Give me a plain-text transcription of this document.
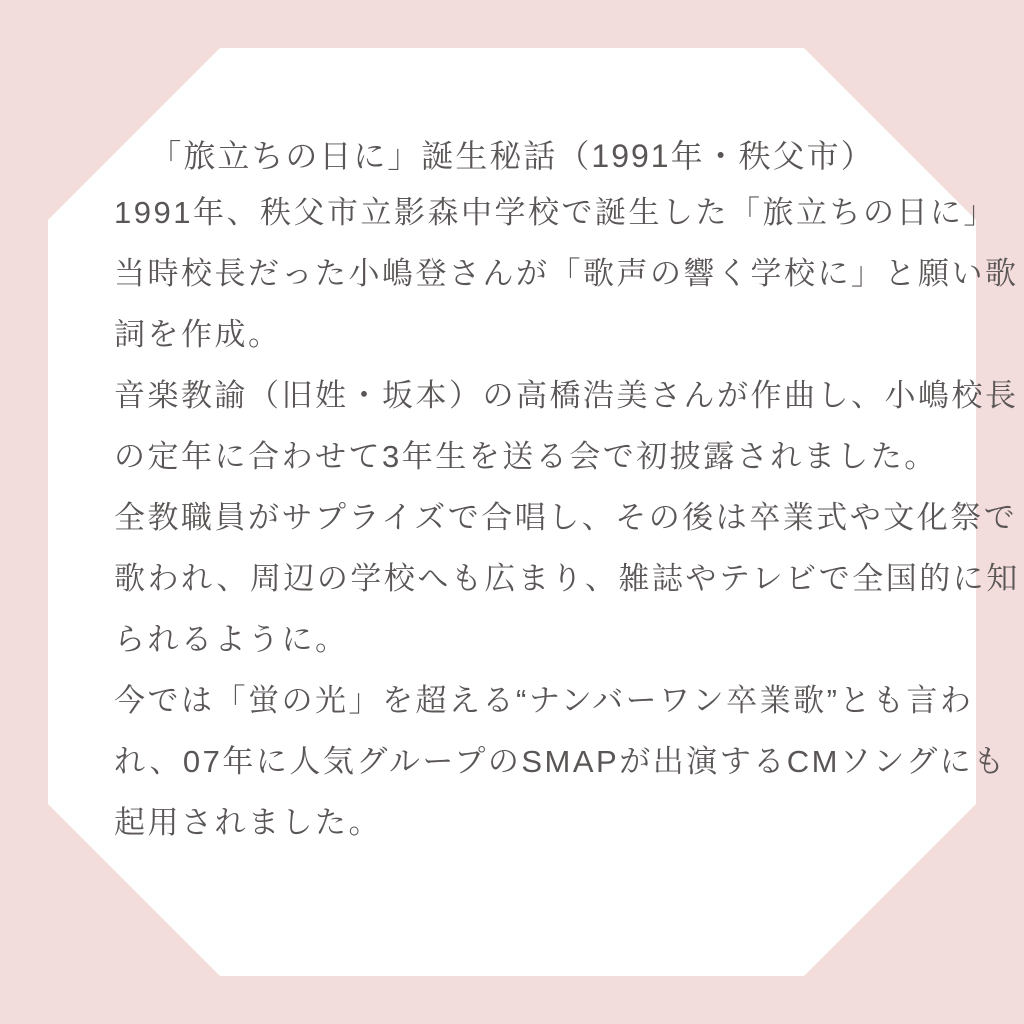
「旅立ちの日に」誕生秘話（1991年・秩父市）
1991年、秩父市立影森中学校で誕生した「旅立ちの日に」
当時校長だった小嶋登さんが「歌声の響く学校に」と願い歌
詞を作成。
音楽教諭（旧姓・坂本）の高橋浩美さんが作曲し、小嶋校長
の定年に合わせて3年生を送る会で初披露されました。
全教職員がサプライズで合唱し、その後は卒業式や文化祭で
歌われ、周辺の学校へも広まり、雑誌やテレビで全国的に知
られるように。
今では「蛍の光」を超える“ナンバーワン卒業歌”とも言わ
れ、07年に人気グループのSMAPが出演するCMソングにも
起用されました。
